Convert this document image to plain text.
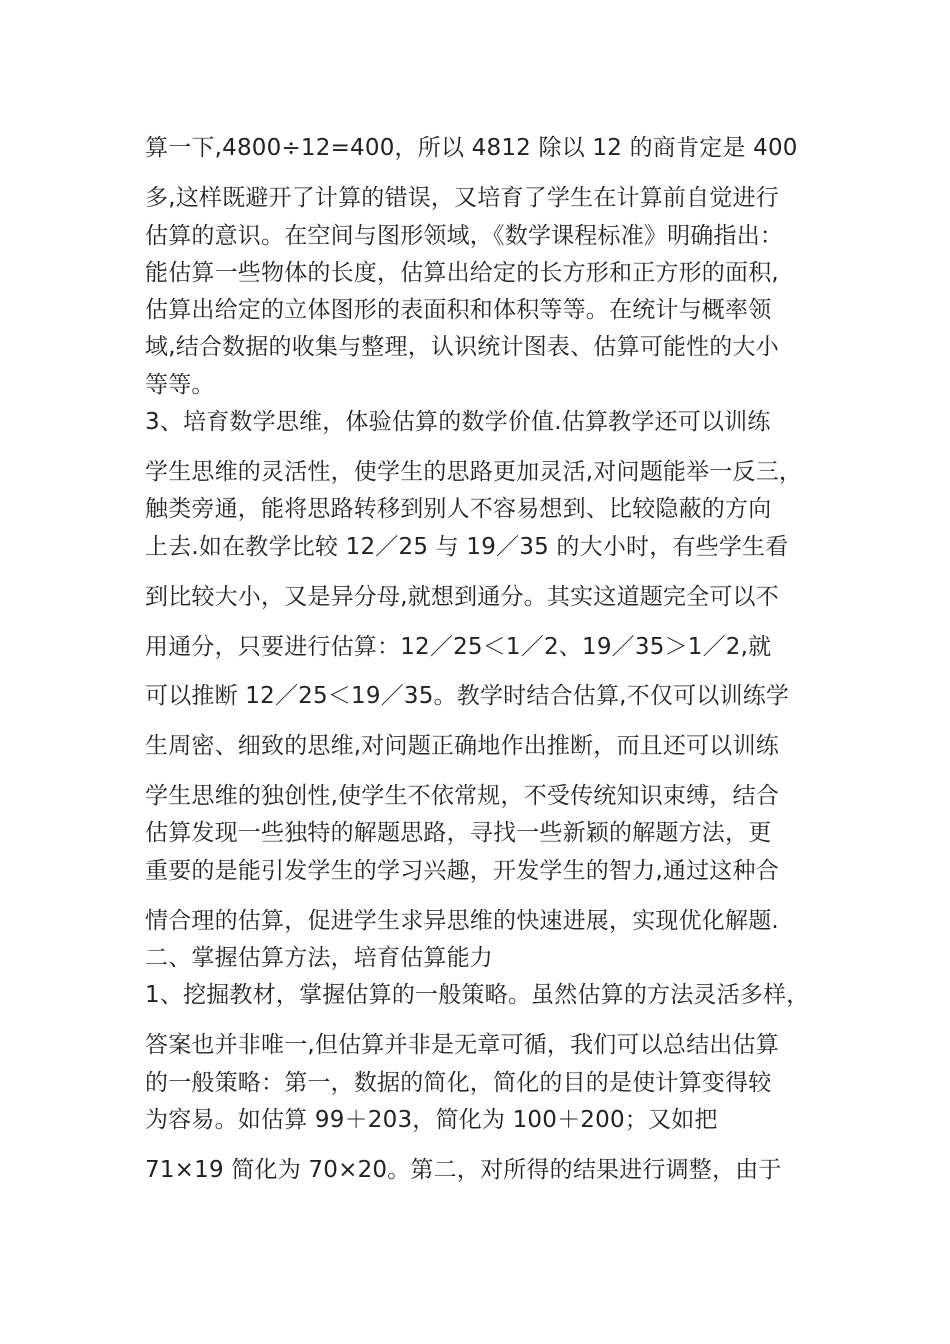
算一下,4800÷12=400，所以 4812 除以 12 的商肯定是 400
多,这样既避开了计算的错误，又培育了学生在计算前自觉进行
估算的意识。在空间与图形领域，《数学课程标准》明确指出：
能估算一些物体的长度，估算出给定的长方形和正方形的面积,
估算出给定的立体图形的表面积和体积等等。在统计与概率领
域,结合数据的收集与整理，认识统计图表、估算可能性的大小
等等。
3、培育数学思维，体验估算的数学价值.估算教学还可以训练
学生思维的灵活性，使学生的思路更加灵活,对问题能举一反三，
触类旁通，能将思路转移到别人不容易想到、比较隐蔽的方向
上去.如在教学比较 12／25 与 19／35 的大小时，有些学生看
到比较大小，又是异分母,就想到通分。其实这道题完全可以不
用通分，只要进行估算：12／25＜1／2、19／35＞1／2,就
可以推断 12／25＜19／35。教学时结合估算,不仅可以训练学
生周密、细致的思维,对问题正确地作出推断，而且还可以训练
学生思维的独创性,使学生不依常规，不受传统知识束缚，结合
估算发现一些独特的解题思路，寻找一些新颖的解题方法，更
重要的是能引发学生的学习兴趣，开发学生的智力,通过这种合
情合理的估算，促进学生求异思维的快速进展，实现优化解题.
二、掌握估算方法，培育估算能力
1、挖掘教材，掌握估算的一般策略。虽然估算的方法灵活多样，
答案也并非唯一,但估算并非是无章可循，我们可以总结出估算
的一般策略：第一，数据的简化，简化的目的是使计算变得较
为容易。如估算 99＋203，简化为 100＋200；又如把
71×19 简化为 70×20。第二，对所得的结果进行调整，由于
